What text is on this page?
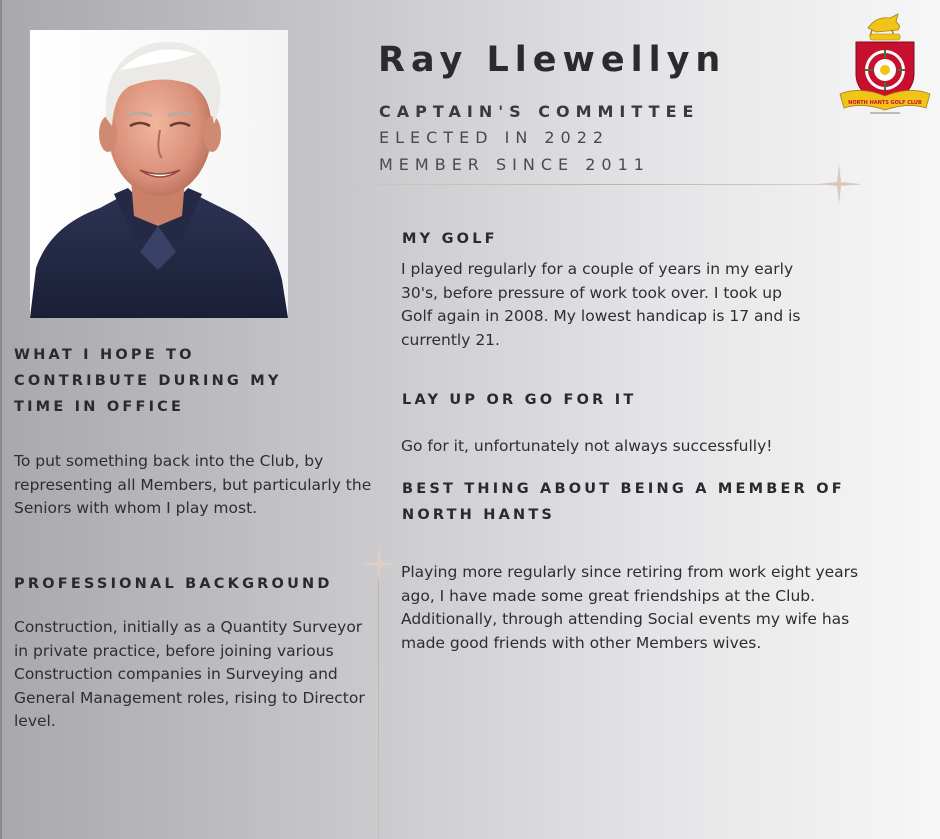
NORTH HANTS GOLF CLUB
Ray Llewellyn
CAPTAIN'S COMMITTEE
ELECTED IN 2022
MEMBER SINCE 2011
WHAT I HOPE TO CONTRIBUTE DURING MY TIME IN OFFICE

To put something back into the Club, by representing all Members, but particularly the Seniors with whom I play most.

PROFESSIONAL BACKGROUND

Construction, initially as a Quantity Surveyor in private practice, before joining various Construction companies in Surveying and General Management roles, rising to Director level.

MY GOLF

I played regularly for a couple of years in my early 30's, before pressure of work took over. I took up Golf again in 2008. My lowest handicap is 17 and is currently 21.

LAY UP OR GO FOR IT

Go for it, unfortunately not always successfully!

BEST THING ABOUT BEING A MEMBER OF NORTH HANTS

Playing more regularly since retiring from work eight years ago, I have made some great friendships at the Club. Additionally, through attending Social events my wife has made good friends with other Members wives.
